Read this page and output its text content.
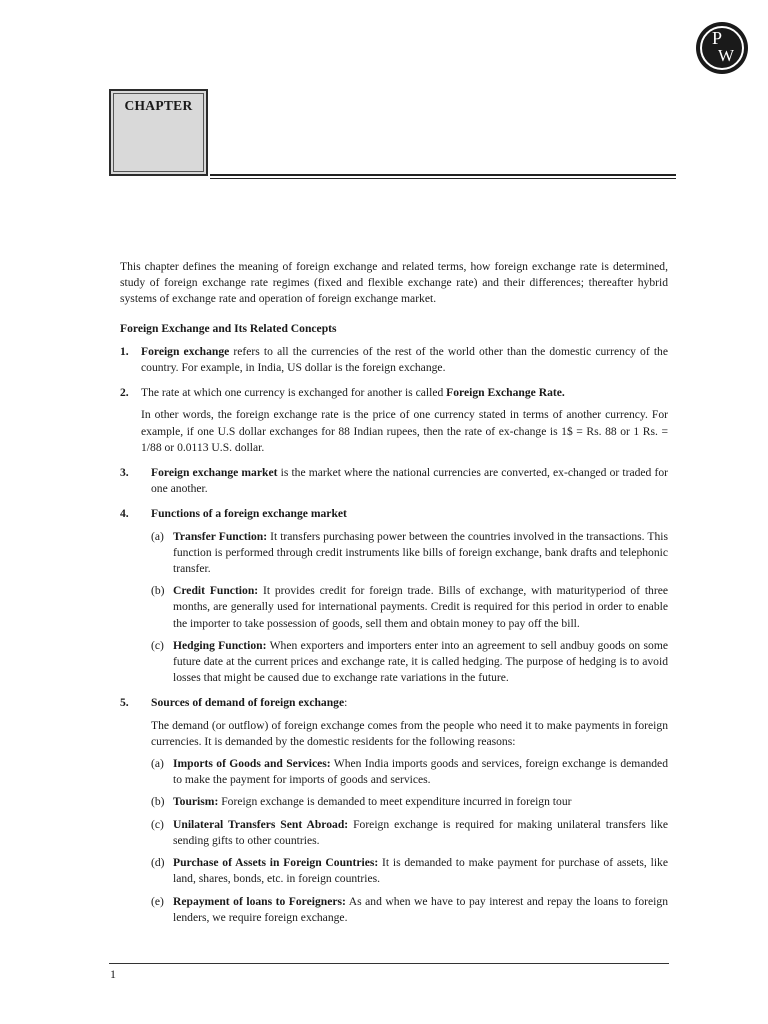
P
W
CHAPTER

This chapter defines the meaning of foreign exchange and related terms, how foreign exchange rate is determined, study of foreign exchange rate regimes (fixed and flexible exchange rate) and their differences; thereafter hybrid systems of exchange rate and operation of foreign exchange market.

Foreign Exchange and Its Related Concepts

1. Foreign exchange refers to all the currencies of the rest of the world other than the domestic currency of the country. For example, in India, US dollar is the foreign exchange.

2. The rate at which one currency is exchanged for another is called Foreign Exchange Rate.

In other words, the foreign exchange rate is the price of one currency stated in terms of another currency. For example, if one U.S dollar exchanges for 88 Indian rupees, then the rate of ex-change is 1$ = Rs. 88 or 1 Rs. = 1/88 or 0.0113 U.S. dollar.

3. Foreign exchange market is the market where the national currencies are converted, ex-changed or traded for one another.

4. Functions of a foreign exchange market

(a) Transfer Function: It transfers purchasing power between the countries involved in the transactions. This function is performed through credit instruments like bills of foreign exchange, bank drafts and telephonic transfer.

(b) Credit Function: It provides credit for foreign trade. Bills of exchange, with maturityperiod of three months, are generally used for international payments. Credit is required for this period in order to enable the importer to take possession of goods, sell them and obtain money to pay off the bill.

(c) Hedging Function: When exporters and importers enter into an agreement to sell andbuy goods on some future date at the current prices and exchange rate, it is called hedging. The purpose of hedging is to avoid losses that might be caused due to exchange rate variations in the future.

5. Sources of demand of foreign exchange:

The demand (or outflow) of foreign exchange comes from the people who need it to make payments in foreign currencies. It is demanded by the domestic residents for the following reasons:

(a) Imports of Goods and Services: When India imports goods and services, foreign exchange is demanded to make the payment for imports of goods and services.

(b) Tourism: Foreign exchange is demanded to meet expenditure incurred in foreign tour

(c) Unilateral Transfers Sent Abroad: Foreign exchange is required for making unilateral transfers like sending gifts to other countries.

(d) Purchase of Assets in Foreign Countries: It is demanded to make payment for purchase of assets, like land, shares, bonds, etc. in foreign countries.

(e) Repayment of loans to Foreigners: As and when we have to pay interest and repay the loans to foreign lenders, we require foreign exchange.

1
